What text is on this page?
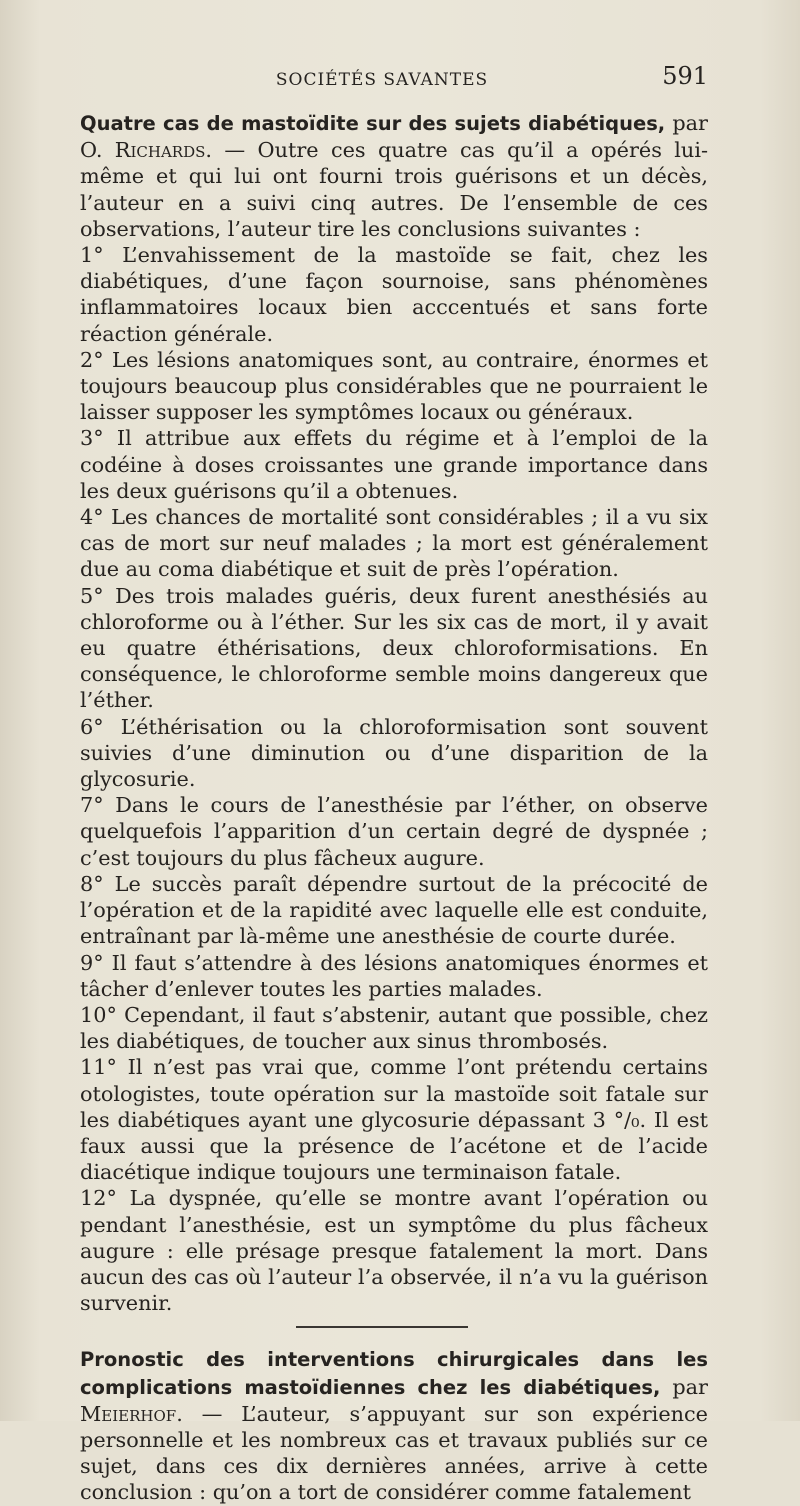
SOCIÉTÉS SAVANTES	591

Quatre cas de mastoïdite sur des sujets diabétiques, par O. Richards. — Outre ces quatre cas qu’il a opérés lui-même et qui lui ont fourni trois guérisons et un décès, l’auteur en a suivi cinq autres. De l’ensemble de ces observations, l’auteur tire les conclusions suivantes :

1° L’envahissement de la mastoïde se fait, chez les diabétiques, d’une façon sournoise, sans phénomènes inflammatoires locaux bien acccentués et sans forte réaction générale.

2° Les lésions anatomiques sont, au contraire, énormes et toujours beaucoup plus considérables que ne pourraient le laisser supposer les symptômes locaux ou généraux.

3° Il attribue aux effets du régime et à l’emploi de la codéine à doses croissantes une grande importance dans les deux guérisons qu’il a obtenues.

4° Les chances de mortalité sont considérables ; il a vu six cas de mort sur neuf malades ; la mort est généralement due au coma diabétique et suit de près l’opération.

5° Des trois malades guéris, deux furent anesthésiés au chloroforme ou à l’éther. Sur les six cas de mort, il y avait eu quatre éthérisations, deux chloroformisations. En conséquence, le chloroforme semble moins dangereux que l’éther.

6° L’éthérisation ou la chloroformisation sont souvent suivies d’une diminution ou d’une disparition de la glycosurie.

7° Dans le cours de l’anesthésie par l’éther, on observe quelquefois l’apparition d’un certain degré de dyspnée ; c’est toujours du plus fâcheux augure.

8° Le succès paraît dépendre surtout de la précocité de l’opération et de la rapidité avec laquelle elle est conduite, entraînant par là-même une anesthésie de courte durée.

9° Il faut s’attendre à des lésions anatomiques énormes et tâcher d’enlever toutes les parties malades.

10° Cependant, il faut s’abstenir, autant que possible, chez les diabétiques, de toucher aux sinus thrombosés.

11° Il n’est pas vrai que, comme l’ont prétendu certains otologistes, toute opération sur la mastoïde soit fatale sur les diabétiques ayant une glycosurie dépassant 3 °/₀. Il est faux aussi que la présence de l’acétone et de l’acide diacétique indique toujours une terminaison fatale.

12° La dyspnée, qu’elle se montre avant l’opération ou pendant l’anesthésie, est un symptôme du plus fâcheux augure : elle présage presque fatalement la mort. Dans aucun des cas où l’auteur l’a observée, il n’a vu la guérison survenir.

Pronostic des interventions chirurgicales dans les complications mastoïdiennes chez les diabétiques, par Meierhof. — L’auteur, s’appuyant sur son expérience personnelle et les nombreux cas et travaux publiés sur ce sujet, dans ces dix dernières années, arrive à cette conclusion : qu’on a tort de considérer comme fatalement
